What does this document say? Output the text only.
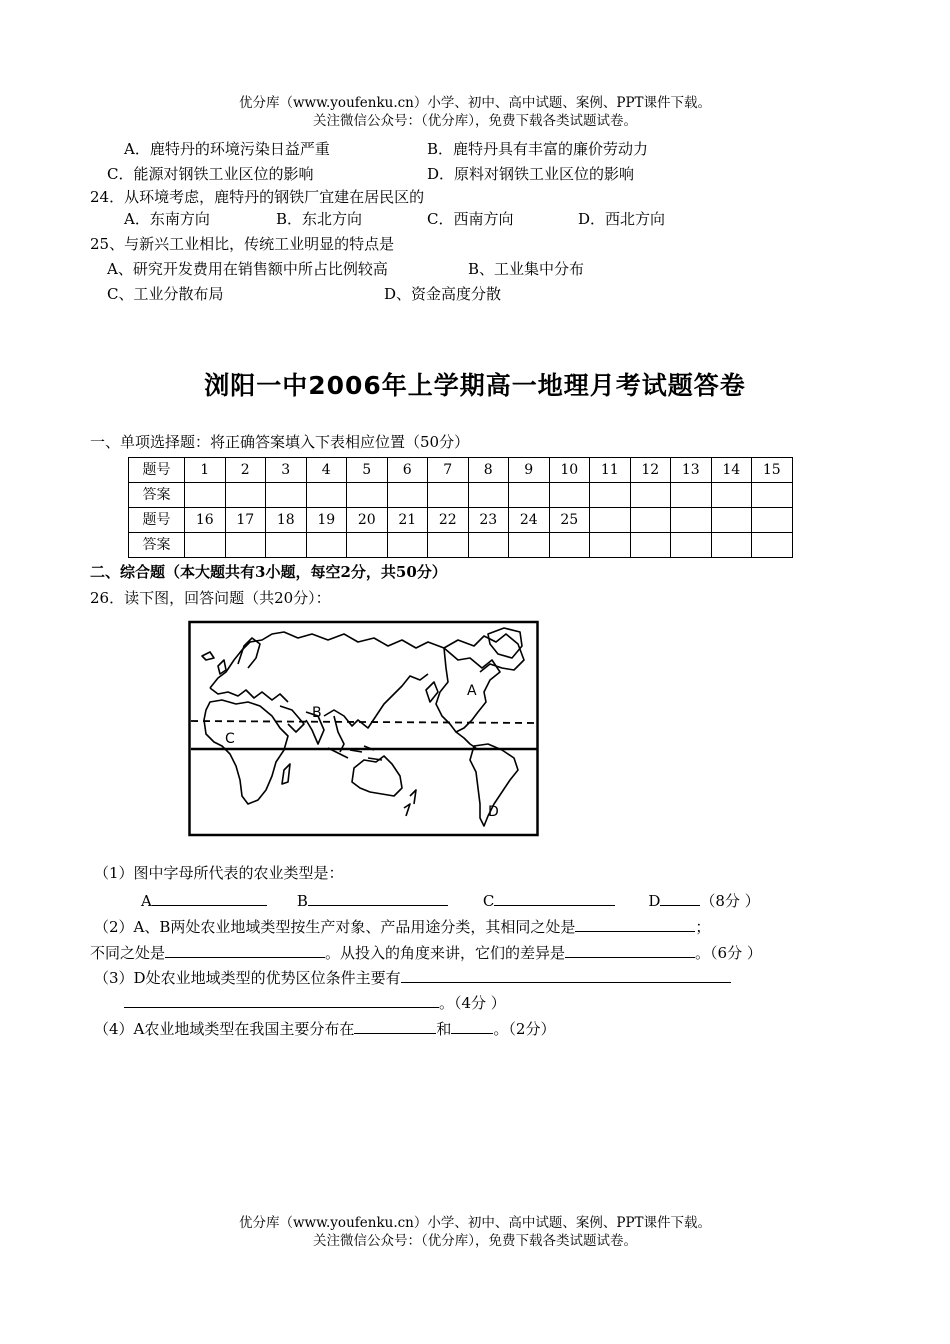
优分库（www.youfenku.cn）小学、初中、高中试题、案例、PPT课件下载。
关注微信公众号：（优分库），免费下载各类试题试卷。
A．鹿特丹的环境污染日益严重	B．鹿特丹具有丰富的廉价劳动力
C．能源对钢铁工业区位的影响	D．原料对钢铁工业区位的影响
24．从环境考虑，鹿特丹的钢铁厂宜建在居民区的
A．东南方向	B．东北方向	C．西南方向	D．西北方向
25、与新兴工业相比，传统工业明显的特点是
A、研究开发费用在销售额中所占比例较高	B、工业集中分布
C、工业分散布局	D、资金高度分散
浏阳一中2006年上学期高一地理月考试题答卷
一、单项选择题：将正确答案填入下表相应位置（50分）
题号	1	2	3	4	5	6	7	8	9	10	11	12	13	14	15
答案															
题号	16	17	18	19	20	21	22	23	24	25					
答案															
二、综合题（本大题共有3小题，每空2分，共50分）
26．读下图，回答问题（共20分）：
A
B
C
D
（1）图中字母所代表的农业类型是：
A	B	C	D	（8分 ）
（2）A、B两处农业地域类型按生产对象、产品用途分类，其相同之处是	；
不同之处是	。从投入的角度来讲，它们的差异是	。（6分 ）
（3）D处农业地域类型的优势区位条件主要有
。（4分 ）
（4）A农业地域类型在我国主要分布在	和	。（2分）
优分库（www.youfenku.cn）小学、初中、高中试题、案例、PPT课件下载。
关注微信公众号：（优分库），免费下载各类试题试卷。
